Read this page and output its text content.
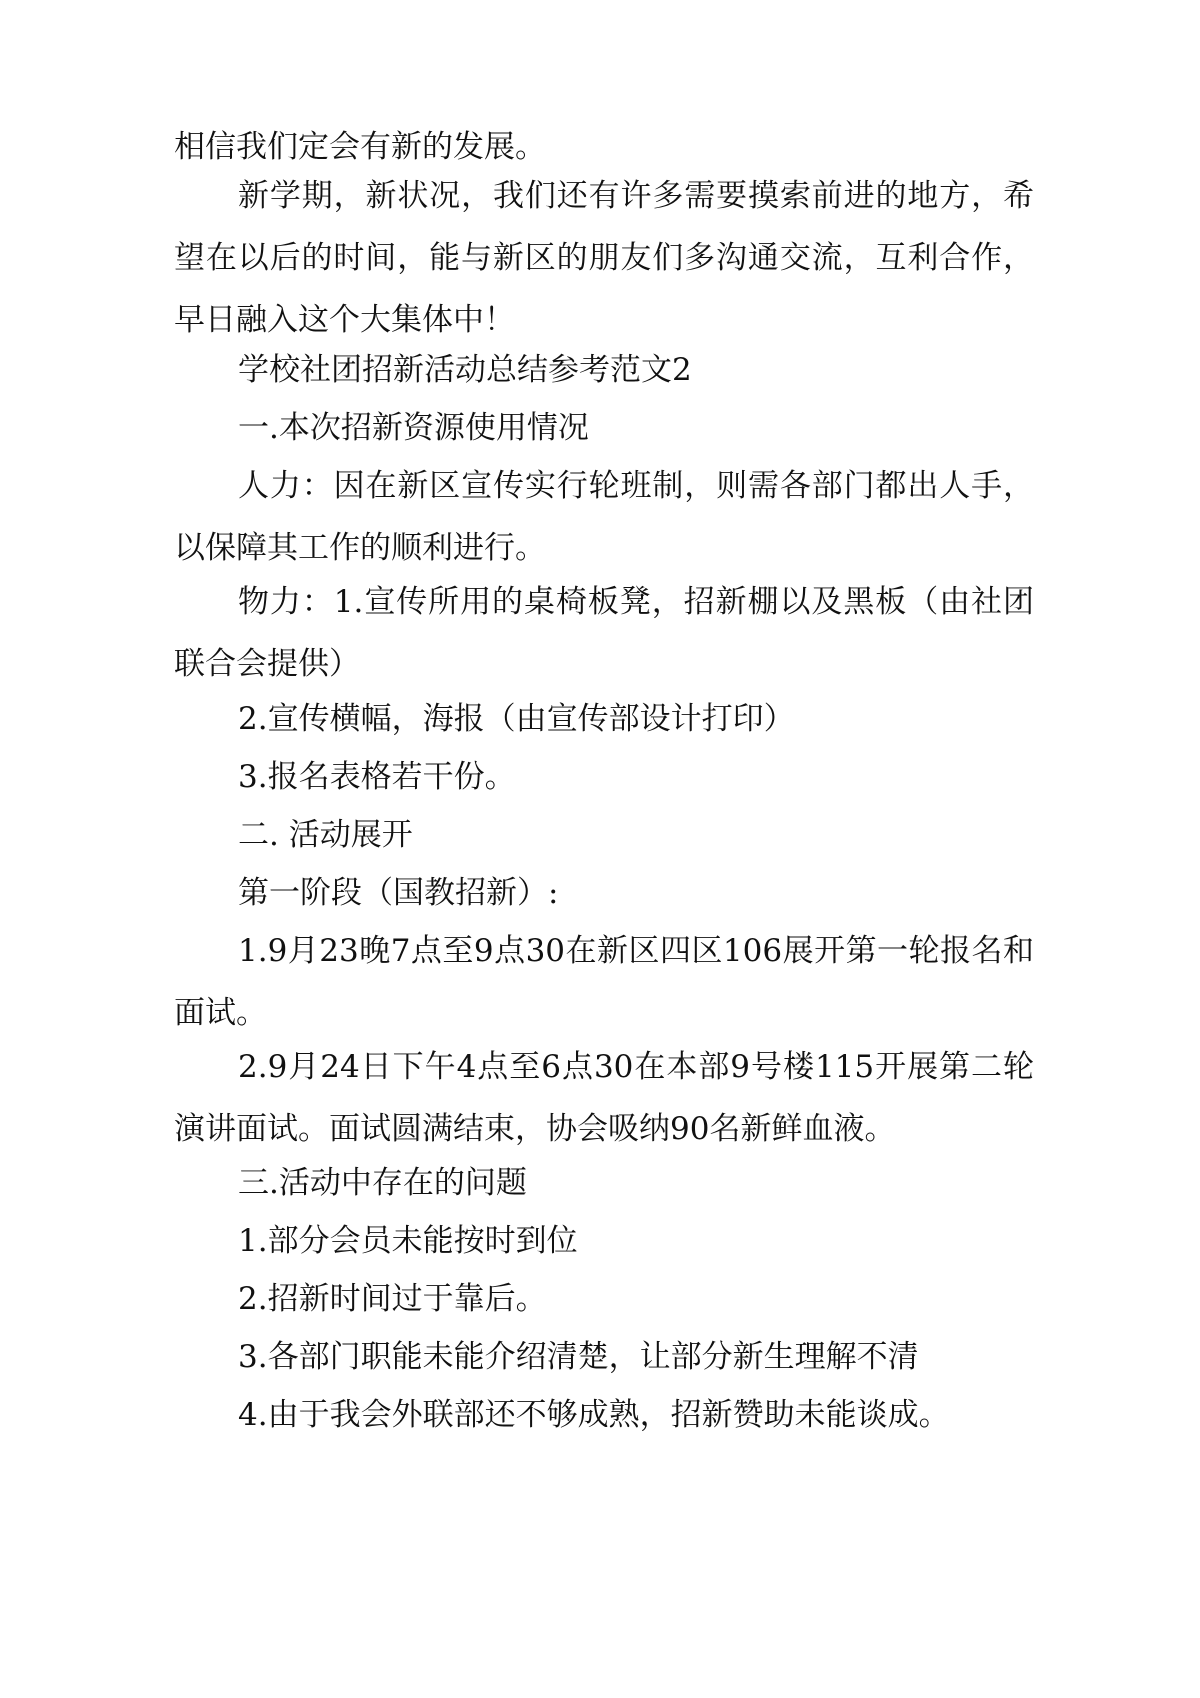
相信我们定会有新的发展。

新学期，新状况，我们还有许多需要摸索前进的地方，希望在以后的时间，能与新区的朋友们多沟通交流，互利合作，早日融入这个大集体中！

学校社团招新活动总结参考范文2

一.本次招新资源使用情况

人力：因在新区宣传实行轮班制，则需各部门都出人手，以保障其工作的顺利进行。

物力：1.宣传所用的桌椅板凳，招新棚以及黑板（由社团联合会提供）

2.宣传横幅，海报（由宣传部设计打印）

3.报名表格若干份。

二. 活动展开

第一阶段（国教招新）:

1.9月23晚7点至9点30在新区四区106展开第一轮报名和面试。

2.9月24日下午4点至6点30在本部9号楼115开展第二轮演讲面试。面试圆满结束，协会吸纳90名新鲜血液。

三.活动中存在的问题

1.部分会员未能按时到位

2.招新时间过于靠后。

3.各部门职能未能介绍清楚，让部分新生理解不清

4.由于我会外联部还不够成熟，招新赞助未能谈成。
